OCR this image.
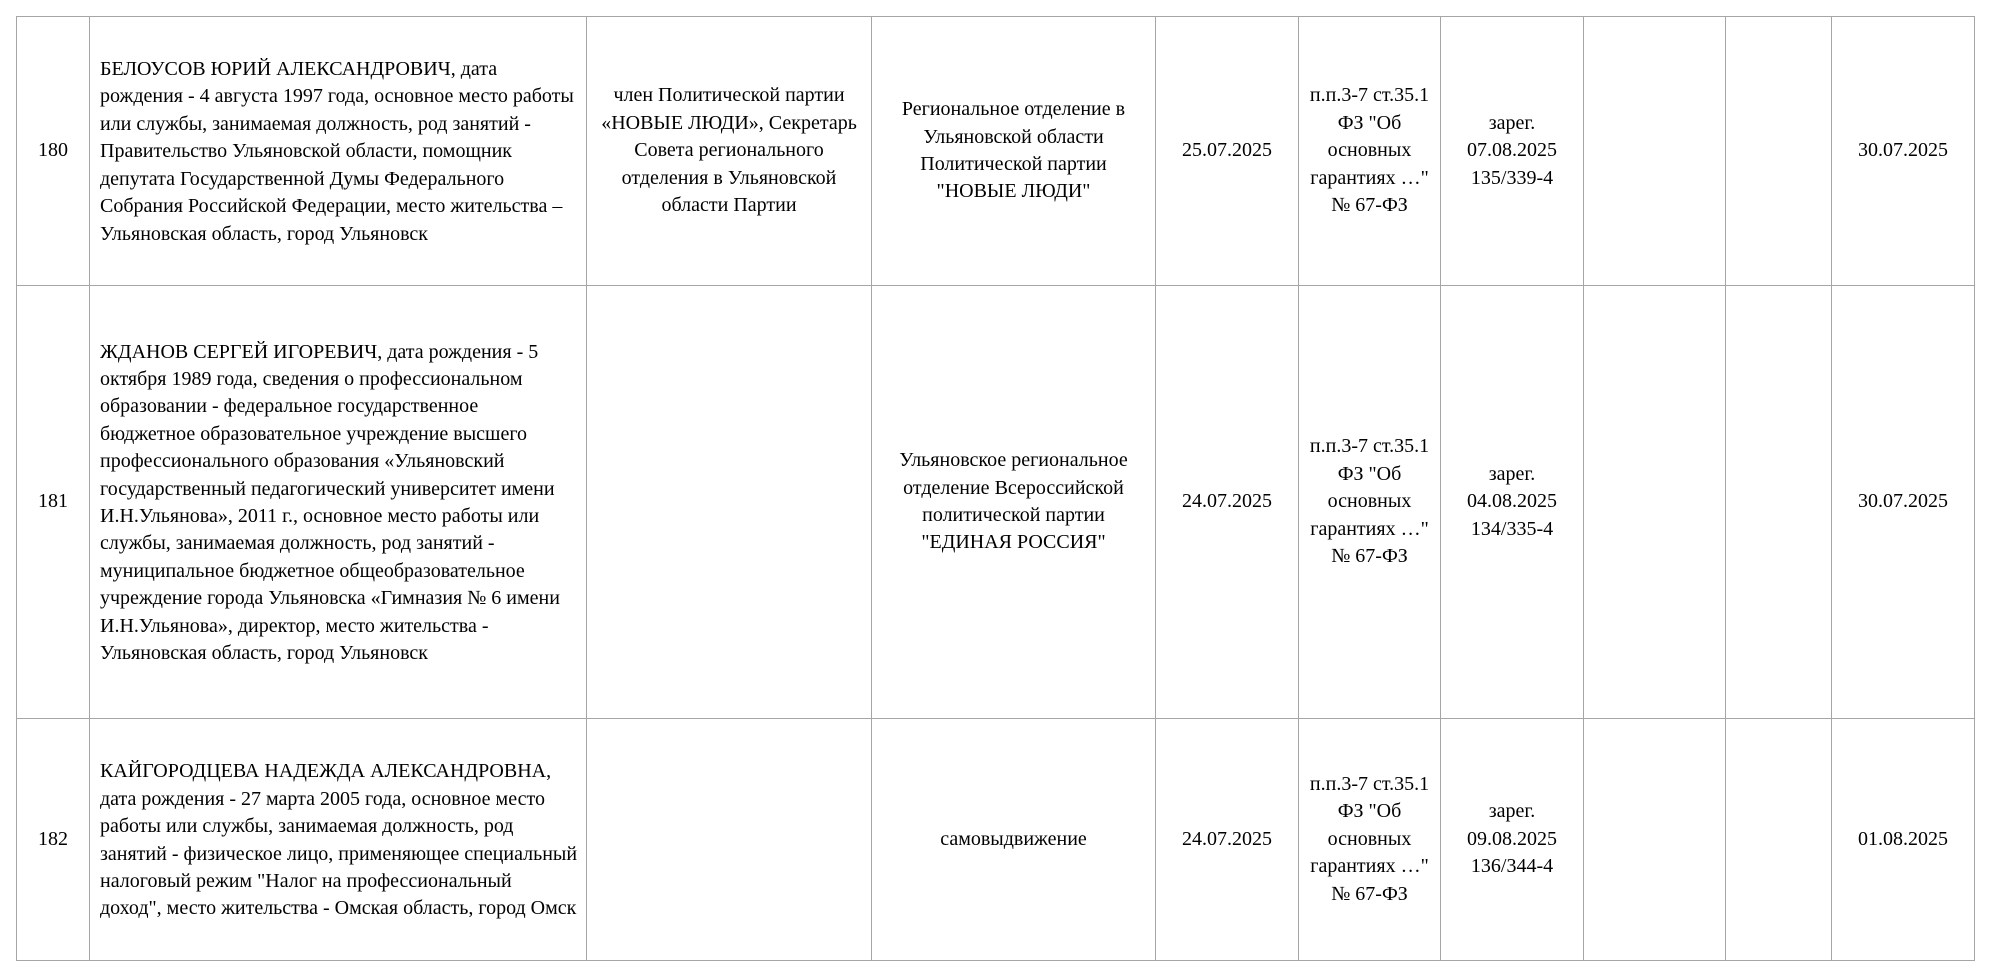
180	БЕЛОУСОВ ЮРИЙ АЛЕКСАНДРОВИЧ, дата рождения - 4 августа 1997 года, основное место работы или службы, занимаемая должность, род занятий - Правительство Ульяновской области, помощник депутата Государственной Думы Федерального Собрания Российской Федерации, место жительства – Ульяновская область, город Ульяновск	член Политической партии «НОВЫЕ ЛЮДИ», Секретарь Совета регионального отделения в Ульяновской области Партии	Региональное отделение в Ульяновской области Политической партии "НОВЫЕ ЛЮДИ"	25.07.2025	п.п.3-7 ст.35.1 ФЗ "Об основных гарантиях …" № 67-ФЗ	зарег. 07.08.2025 135/339-4			30.07.2025

181	ЖДАНОВ СЕРГЕЙ ИГОРЕВИЧ, дата рождения - 5 октября 1989 года, сведения о профессиональном образовании - федеральное государственное бюджетное образовательное учреждение высшего профессионального образования «Ульяновский государственный педагогический университет имени И.Н.Ульянова», 2011 г., основное место работы или службы, занимаемая должность, род занятий - муниципальное бюджетное общеобразовательное учреждение города Ульяновска «Гимназия № 6 имени И.Н.Ульянова», директор, место жительства - Ульяновская область, город Ульяновск		Ульяновское региональное отделение Всероссийской политической партии "ЕДИНАЯ РОССИЯ"	24.07.2025	п.п.3-7 ст.35.1 ФЗ "Об основных гарантиях …" № 67-ФЗ	зарег. 04.08.2025 134/335-4			30.07.2025

182	КАЙГОРОДЦЕВА НАДЕЖДА АЛЕКСАНДРОВНА, дата рождения - 27 марта 2005 года, основное место работы или службы, занимаемая должность, род занятий - физическое лицо, применяющее специальный налоговый режим "Налог на профессиональный доход", место жительства - Омская область, город Омск		самовыдвижение	24.07.2025	п.п.3-7 ст.35.1 ФЗ "Об основных гарантиях …" № 67-ФЗ	зарег. 09.08.2025 136/344-4			01.08.2025
